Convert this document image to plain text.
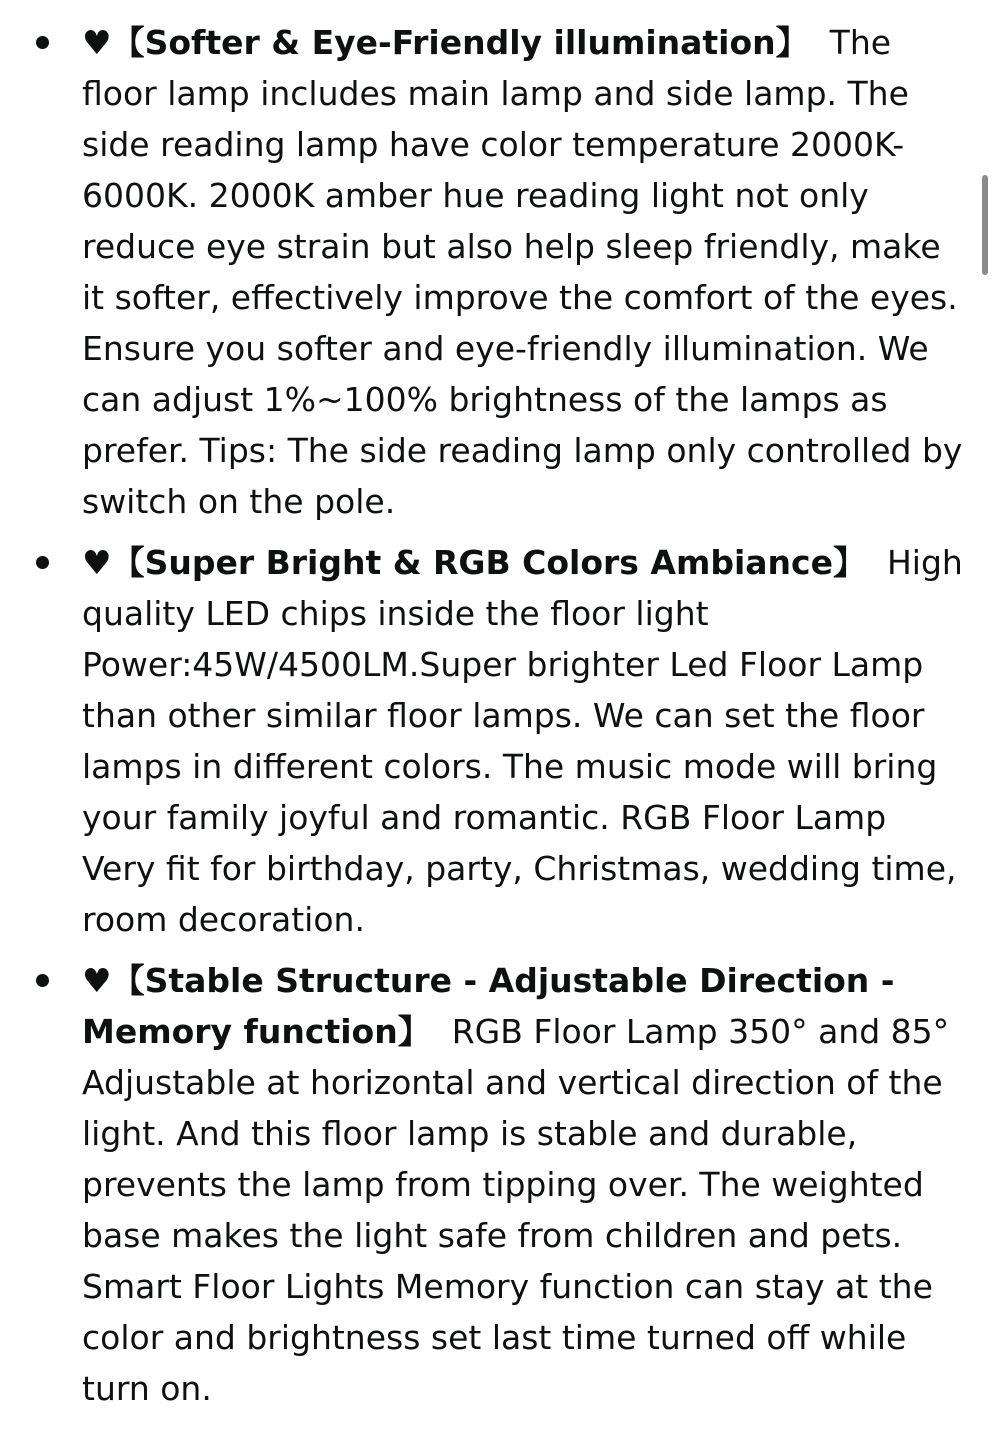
♥【Softer & Eye-Friendly illumination】 The floor lamp includes main lamp and side lamp. The side reading lamp have color temperature 2000K-6000K. 2000K amber hue reading light not only reduce eye strain but also help sleep friendly, make it softer, effectively improve the comfort of the eyes. Ensure you softer and eye-friendly illumination. We can adjust 1%~100% brightness of the lamps as prefer. Tips: The side reading lamp only controlled by switch on the pole.
♥【Super Bright & RGB Colors Ambiance】 High quality LED chips inside the floor light Power:45W/4500LM.Super brighter Led Floor Lamp than other similar floor lamps. We can set the floor lamps in different colors. The music mode will bring your family joyful and romantic. RGB Floor Lamp Very fit for birthday, party, Christmas, wedding time, room decoration.
♥【Stable Structure - Adjustable Direction - Memory function】 RGB Floor Lamp 350° and 85° Adjustable at horizontal and vertical direction of the light. And this floor lamp is stable and durable, prevents the lamp from tipping over. The weighted base makes the light safe from children and pets. Smart Floor Lights Memory function can stay at the color and brightness set last time turned off while turn on.
